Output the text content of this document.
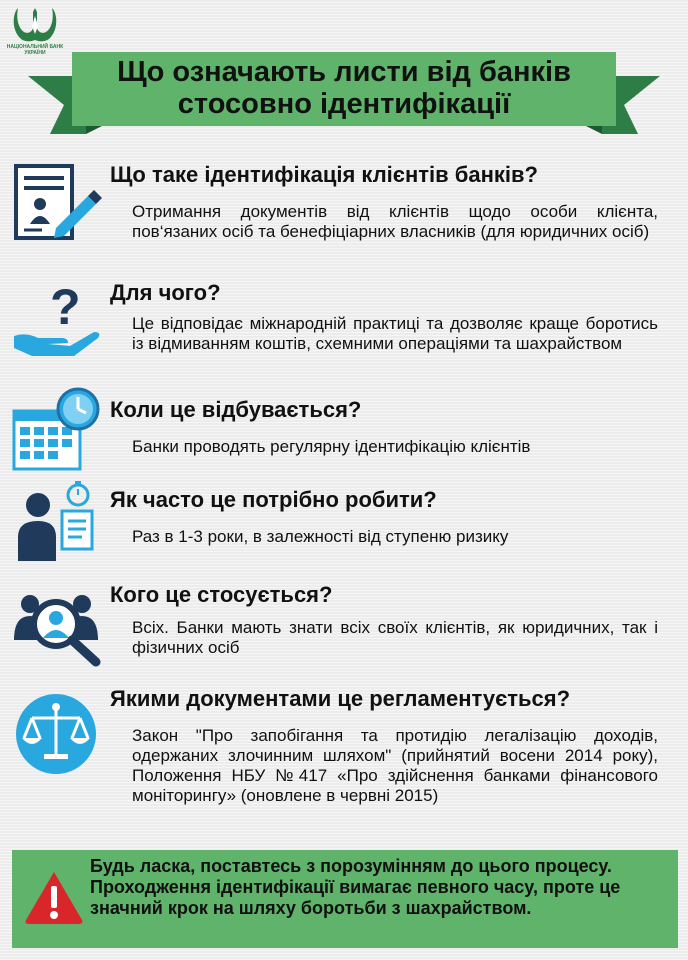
НАЦІОНАЛЬНИЙ БАНК УКРАЇНИ
Що означають листи від банків
стосовно ідентифікації
Що таке ідентифікація клієнтів банків?
Отримання документів від клієнтів щодо особи клієнта, пов‘язаних осіб та бенефіціарних власників (для юридичних осіб)
? Для чого?
Це відповідає міжнародній практиці та дозволяє краще боротись із відмиванням коштів, схемними операціями та шахрайством
Коли це відбувається?
Банки проводять регулярну ідентифікацію клієнтів
Як часто це потрібно робити?
Раз в 1-3 роки, в залежності від ступеню ризику
Кого це стосується?
Всіх. Банки мають знати всіх своїх клієнтів, як юридичних, так і фізичних осіб
Якими документами це регламентується?
Закон "Про запобігання та протидію легалізацію доходів, одержаних злочинним шляхом" (прийнятий восени 2014 року), Положення НБУ №417 «Про здійснення банками фінансового моніторингу» (оновлене в червні 2015)
Будь ласка, поставтесь з порозумінням до цього процесу. Проходження ідентифікації вимагає певного часу, проте це значний крок на шляху боротьби з шахрайством.
